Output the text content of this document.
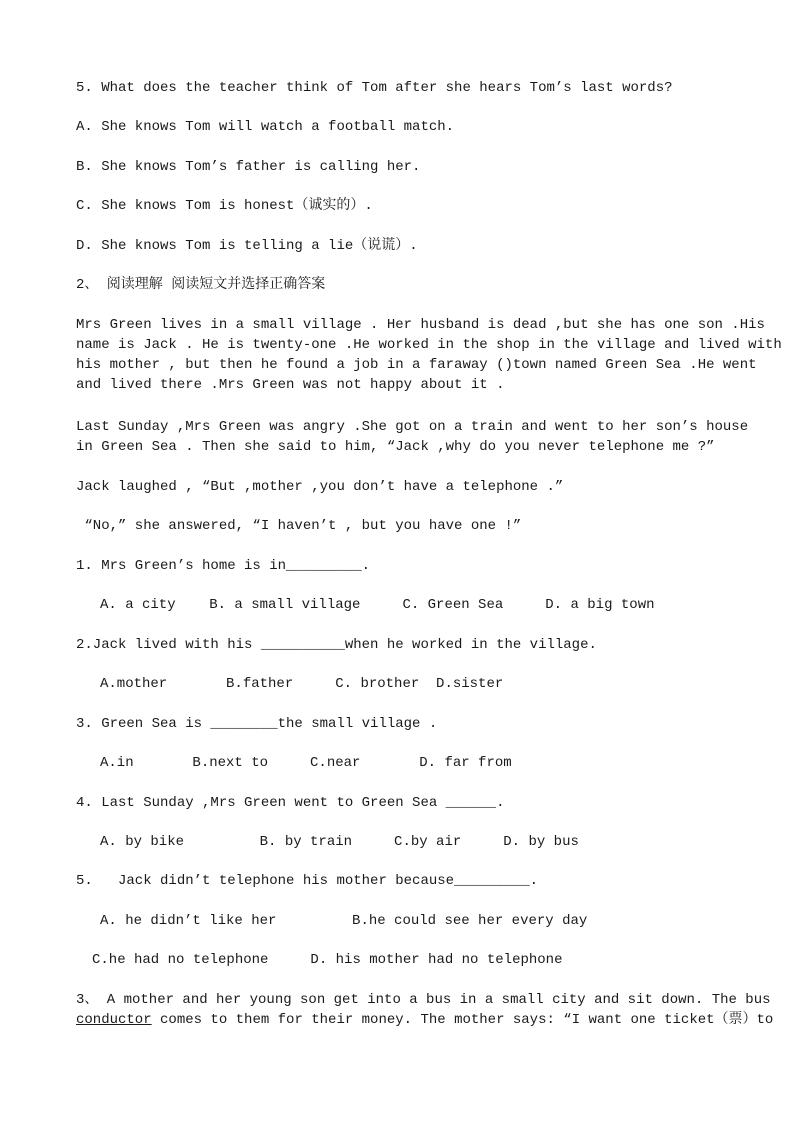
5. What does the teacher think of Tom after she hears Tom’s last words?
A. She knows Tom will watch a football match.
B. She knows Tom’s father is calling her.
C. She knows Tom is honest（诚实的）.
D. She knows Tom is telling a lie（说谎）.
2、 阅读理解 阅读短文并选择正确答案
Mrs Green lives in a small village . Her husband is dead ,but she has one son .His
name is Jack . He is twenty-one .He worked in the shop in the village and lived with
his mother , but then he found a job in a faraway ()town named Green Sea .He went
and lived there .Mrs Green was not happy about it .
Last Sunday ,Mrs Green was angry .She got on a train and went to her son’s house
in Green Sea . Then she said to him, “Jack ,why do you never telephone me ?”
Jack laughed , “But ,mother ,you don’t have a telephone .”
“No,” she answered, “I haven’t , but you have one !”
1. Mrs Green’s home is in_________.
A. a city    B. a small village     C. Green Sea     D. a big town
2.Jack lived with his __________when he worked in the village.
A.mother       B.father     C. brother  D.sister
3. Green Sea is ________the small village .
A.in       B.next to     C.near       D. far from
4. Last Sunday ,Mrs Green went to Green Sea ______.
A. by bike         B. by train     C.by air     D. by bus
5.   Jack didn’t telephone his mother because_________.
A. he didn’t like her         B.he could see her every day
C.he had no telephone     D. his mother had no telephone
3、 A mother and her young son get into a bus in a small city and sit down. The bus
conductor comes to them for their money. The mother says: “I want one ticket（票）to
